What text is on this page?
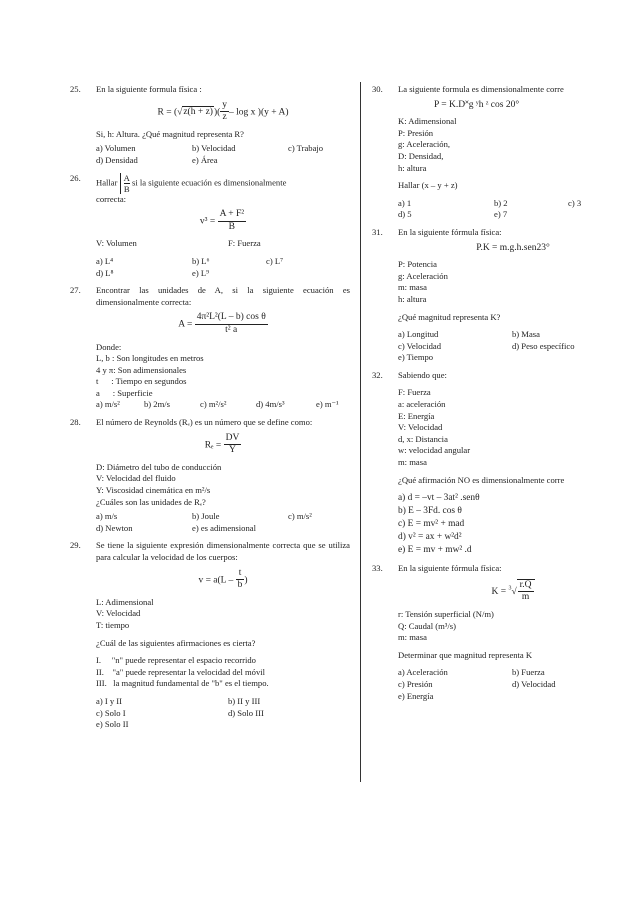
25. En la siguiente formula física :
$R = (√z(h + z))( \frac{y}{z} - \log x$ )(y + A)
Si, h: Altura. ¿Qué magnitud representa R?
a) Volumen	b) Velocidad	c) Trabajo
d) Densidad	e) Área
26. Hallar $\frac{A}{B}$ si la siguiente ecuación es dimensionalmente
correcta:
$v^3 = \frac{\text{A + F²}}{B}$
V: Volumen	F: Fuerza
a) L⁴	b) L⁶	c) L⁷
d) L⁸	e) L⁹
27. Encontrar las unidades de A, si la siguiente ecuación es dimensionalmente correcta:
$A = \frac{\text{4π²L²(L – b) cos θ}}{\text{t² a}}$
Donde:
L, b : Son longitudes en metros
4 y π: Son adimensionales
t      : Tiempo en segundos
a      : Superficie
a) m/s²	b) 2m/s	c) m²/s²	d) 4m/s³	e) m⁻¹
28. El número de Reynolds (Rₑ) es un número que se define como:
$R_e = \frac{DV}{Y}$
D: Diámetro del tubo de conducción
V: Velocidad del fluido
Y: Viscosidad cinemática en m²/s
¿Cuáles son las unidades de Rₑ?
a) m/s	b) Joule	c) m/s²
d) Newton	e) es adimensional
29. Se tiene la siguiente expresión dimensionalmente correcta que se utiliza para calcular la velocidad de los cuerpos:
$v = a(L - \frac{t}{b}$ )
L: Adimensional
V: Velocidad
T: tiempo
¿Cuál de las siguientes afirmaciones es cierta?
I.     "n" puede representar el espacio recorrido
II.    "a" puede representar la velocidad del móvil
III.   la magnitud fundamental de "b" es el tiempo.
a) I y II	b) II y III
c) Solo I	d) Solo III
e) Solo II
30. La siguiente formula es dimensionalmente corre
P = K.D˟g ʸh ᶻ cos 20°
K: Adimensional
P: Presión
g: Aceleración,
D: Densidad,
h: altura
Hallar (x – y + z)
a) 1	b) 2	c) 3
d) 5	e) 7
31. En la siguiente fórmula física:
P.K = m.g.h.sen23°
P: Potencia
g: Aceleración
m: masa
h: altura
¿Qué magnitud representa K?
a) Longitud	b) Masa
c) Velocidad	d) Peso específico
e) Tiempo
32. Sabiendo que:
F: Fuerza
a: aceleración
E: Energía
V: Velocidad
d, x: Distancia
w: velocidad angular
m: masa
¿Qué afirmación NO es dimensionalmente corre
a) d = –vt – 3at² .senθ
b) E – 3Fd. cos θ
c) E = mv² + mad
d) v² = ax + w²d²
e) E = mv + mw² .d
33. En la siguiente fórmula física:
$K = ^3√ \frac{r.Q}{m}$
r: Tensión superficial (N/m)
Q: Caudal (m³/s)
m: masa
Determinar que magnitud representa K
a) Aceleración	b) Fuerza
c) Presión	d) Velocidad
e) Energía
